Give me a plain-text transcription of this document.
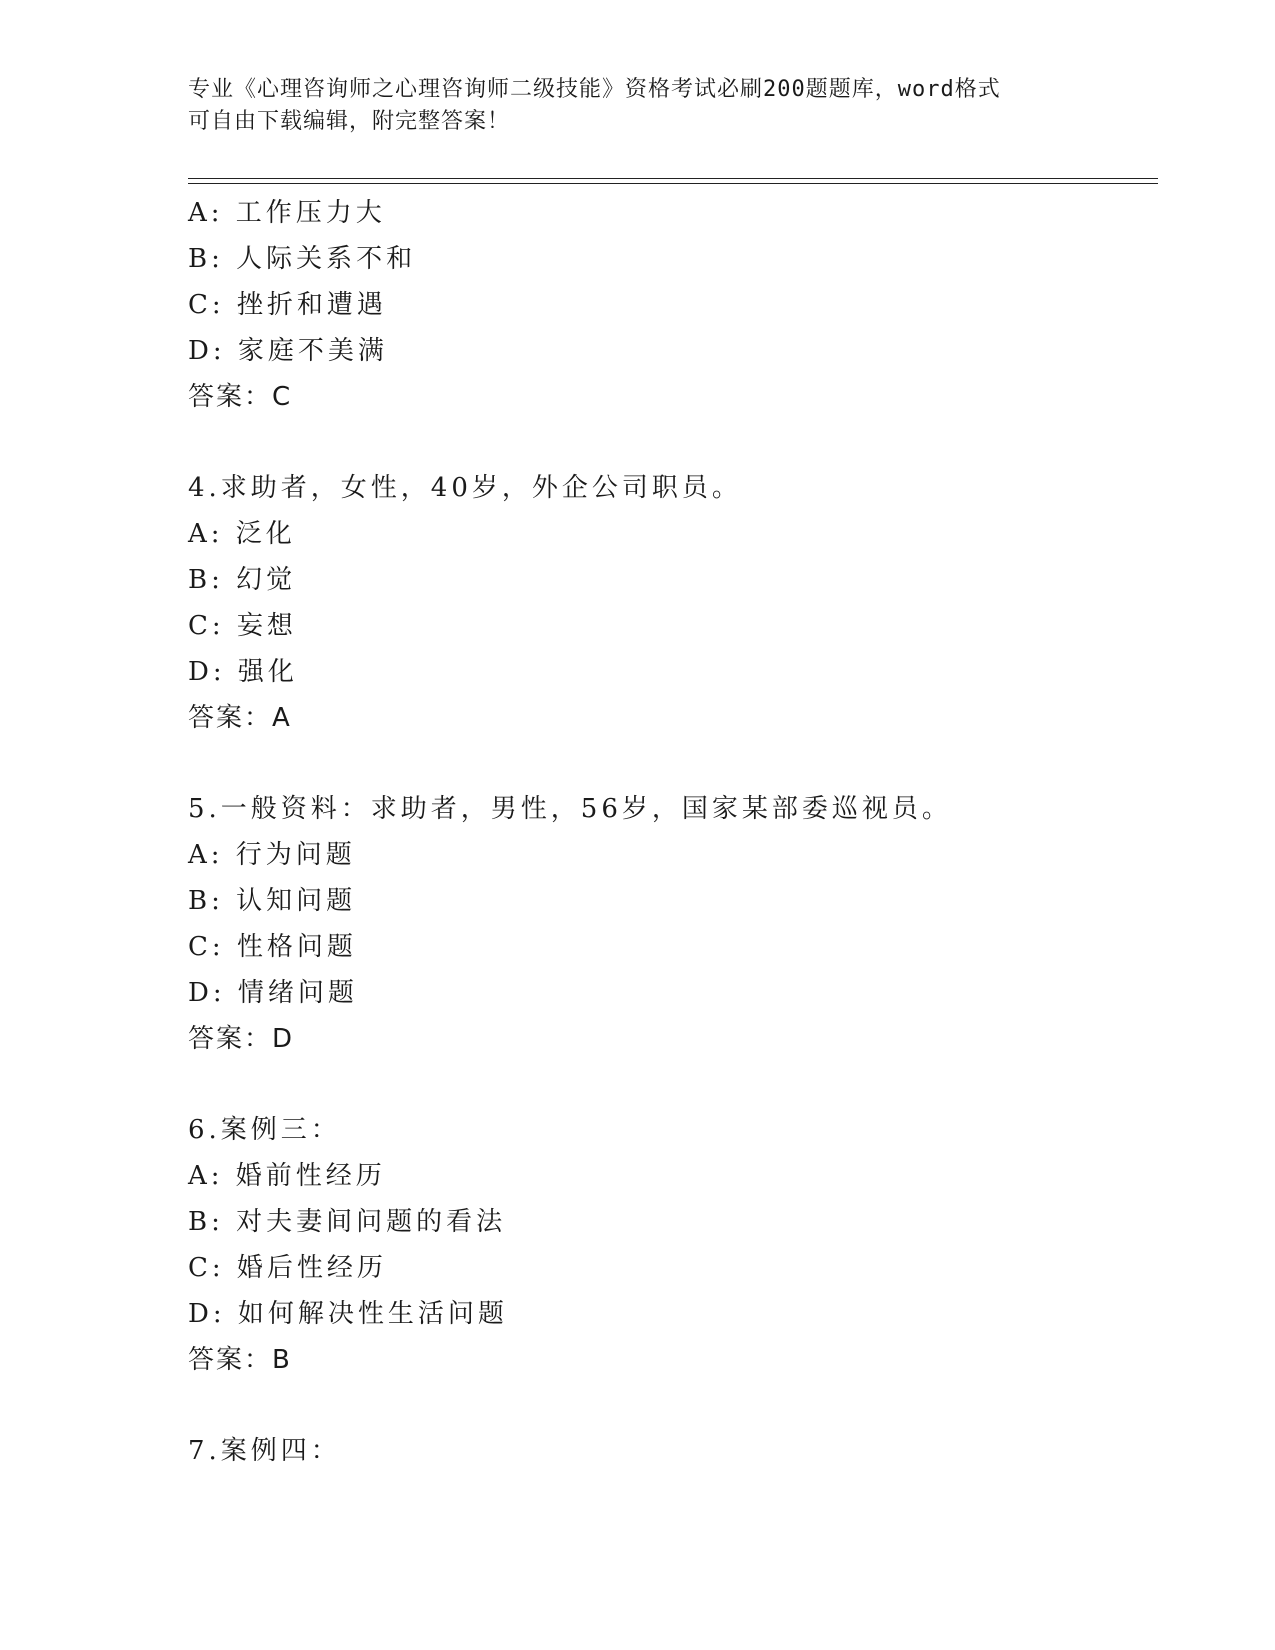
专业《心理咨询师之心理咨询师二级技能》资格考试必刷200题题库，word格式
可自由下载编辑，附完整答案！
A: 工作压力大
B: 人际关系不和
C: 挫折和遭遇
D: 家庭不美满
答案：C
4.求助者，女性，40岁，外企公司职员。
A: 泛化
B: 幻觉
C: 妄想
D: 强化
答案：A
5.一般资料：求助者，男性，56岁，国家某部委巡视员。
A: 行为问题
B: 认知问题
C: 性格问题
D: 情绪问题
答案：D
6.案例三：
A: 婚前性经历
B: 对夫妻间问题的看法
C: 婚后性经历
D: 如何解决性生活问题
答案：B
7.案例四：
